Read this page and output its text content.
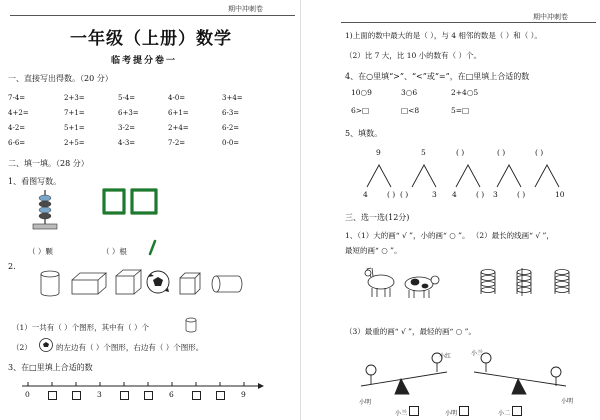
期中冲刺卷
一年级（上册）数学
临考提分卷一
一、直接写出得数。（20 分）
7-4=	2+3=	5-4=	4-0=	3+4=
4+2=	7+1=	6+3=	6+1=	6-3=
4-2=	5+1=	3-2=	2+4=	6-2=
6-6=	2+5=	4-3=	7-2=	0-0=
二、填一填。（28 分）
1、看图写数。
（ ）颗	（ ）根
2.
（1）一共有（ ）个图形，其中有（ ）个
（2）	的左边有（ ）个图形，右边有（ ）个图形。
3、在□里填上合适的数
0	3	6	9
期中冲刺卷
1)上面的数中最大的是（ ），与 4 相邻的数是（ ）和（ ）。
（2）比 7 大，比 10 小的数有（ ）个。
4、在○里填“>”、“<”或“=”，在□里填上合适的数
10○9	3○6	2+4○5
6>□	□<8	5=□
5、填数。
9
4	( )
5
( )	3
( )
4	( )
( )
3	( )
( )
10
三、选一选(12分)
1、（1）大的画“ √ ”，小的画“ ○ ”。 （2）最长的线画“ √ ”，
最短的画“ ○ ”。
（3）最重的画“ √ ”，最轻的画“ ○ ”。
小明
小红	小兰
小明
小兰	小明	小二
